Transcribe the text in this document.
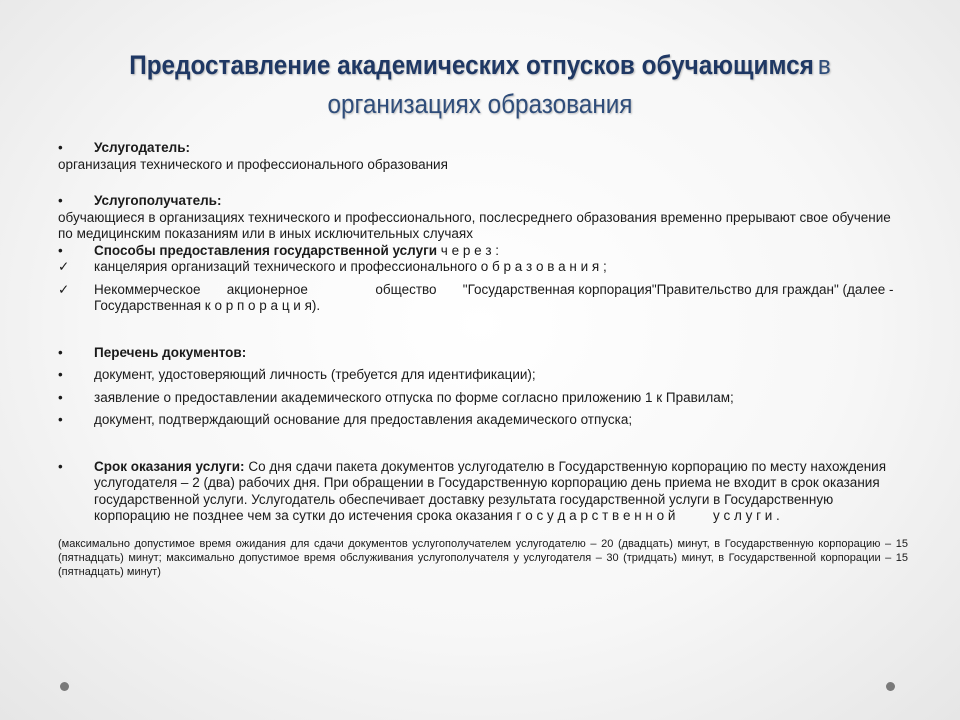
Предоставление академических отпусков обучающимся в
организациях образования
•	Услугодатель:
организация технического и профессионального образования
•	Услугополучатель:
обучающиеся в организациях технического и профессионального, послесреднего образования временно прерывают свое обучение по медицинским показаниям или в иных исключительных случаях
•	Способы предоставления государственной услуги ч е р е з :
✓	канцелярия организаций технического и профессионального о б р а з о в а н и я ;
✓	Некоммерческое       акционерное                  общество       "Государственная корпорация"Правительство для граждан" (далее - Государственная к о р п о р а ц и я).
•	Перечень документов:
•	документ, удостоверяющий личность (требуется для идентификации);
•	заявление о предоставлении академического отпуска по форме согласно приложению 1 к Правилам;
•	документ, подтверждающий основание для предоставления академического отпуска;
•	Срок оказания услуги: Со дня сдачи пакета документов услугодателю в Государственную корпорацию по месту нахождения услугодателя – 2 (два) рабочих дня. При обращении в Государственную корпорацию день приема не входит в срок оказания государственной услуги. Услугодатель обеспечивает доставку результата государственной услуги в Государственную корпорацию не позднее чем за сутки до истечения срока оказания г о с у д а р с т в е н н о й          у с л у г и .
(максимально допустимое время ожидания для сдачи документов услугополучателем услугодателю – 20 (двадцать) минут, в Государственную корпорацию – 15 (пятнадцать) минут; максимально допустимое время обслуживания услугополучателя у услугодателя – 30 (тридцать) минут, в Государственной корпорации – 15 (пятнадцать) минут)
